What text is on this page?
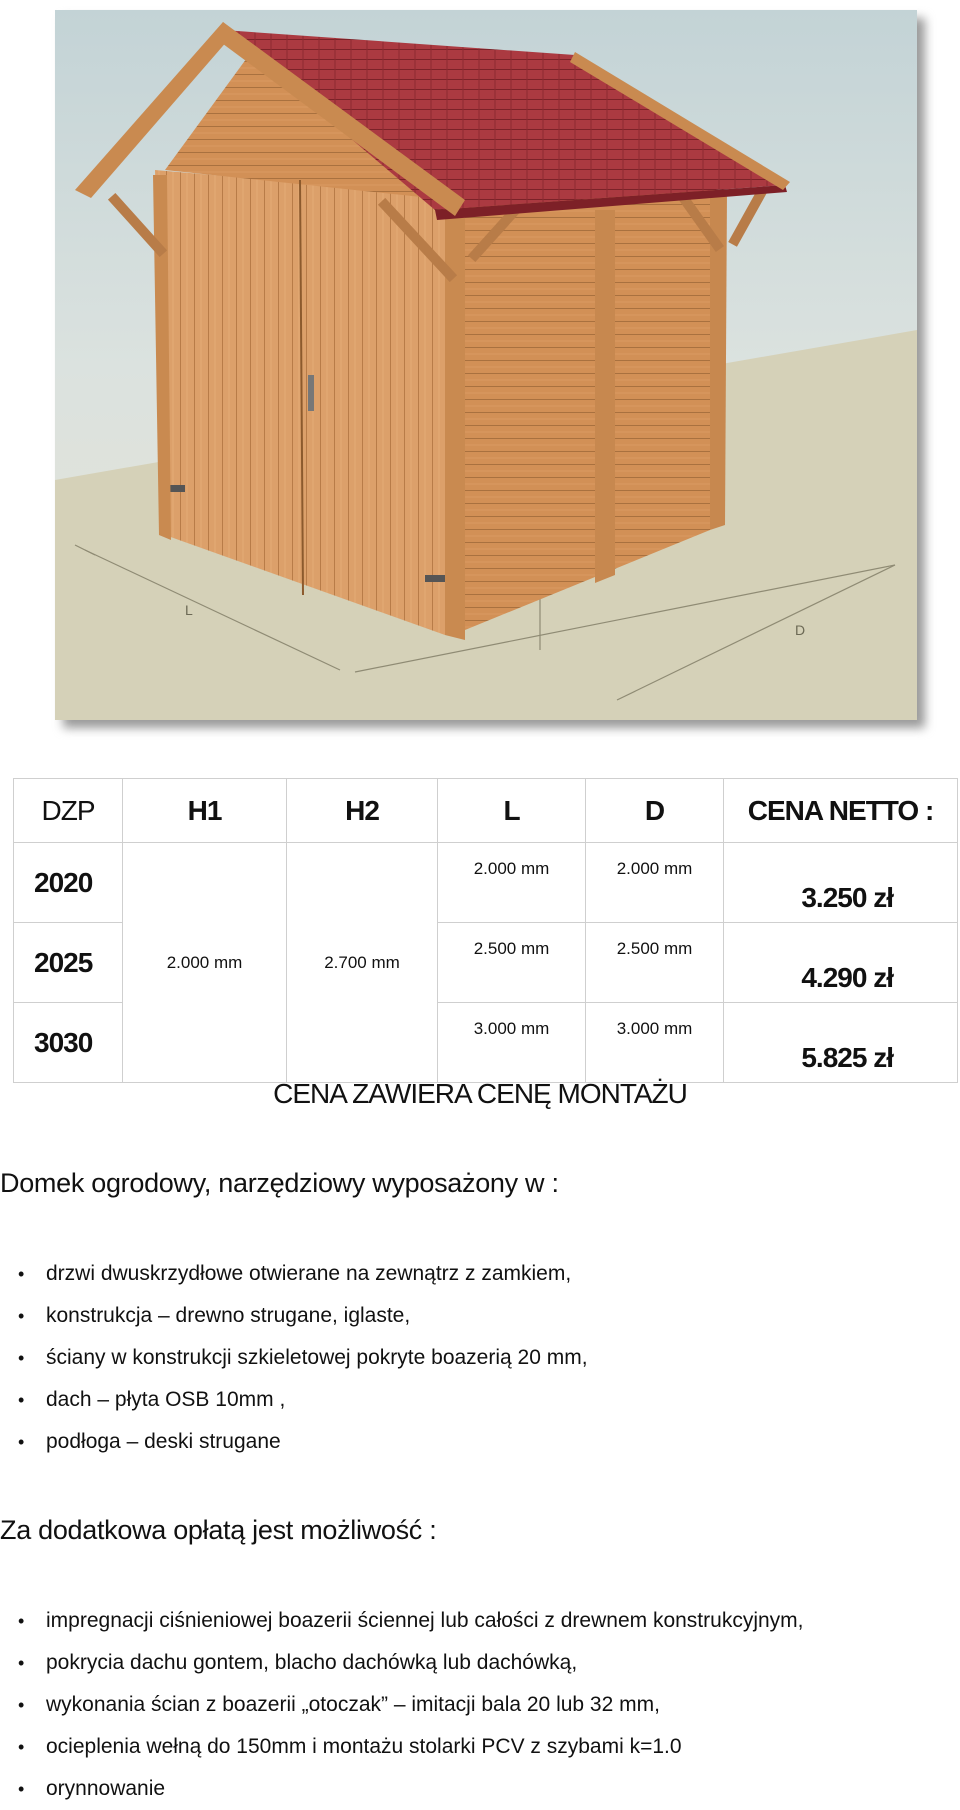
L
D
DZP	H1	H2	L	D	CENA NETTO :
2020	2.000 mm	2.700 mm	2.000 mm	2.000 mm	3.250 zł
2025			2.500 mm	2.500 mm	4.290 zł
3030			3.000 mm	3.000 mm	5.825 zł
CENA ZAWIERA CENĘ MONTAŻU
Domek ogrodowy, narzędziowy wyposażony w :
• drzwi dwuskrzydłowe otwierane na zewnątrz z zamkiem,
• konstrukcja – drewno strugane, iglaste,
• ściany w konstrukcji szkieletowej pokryte boazerią 20 mm,
• dach – płyta OSB 10mm ,
• podłoga – deski strugane
Za dodatkowa opłatą jest możliwość :
• impregnacji ciśnieniowej boazerii ściennej lub całości z drewnem konstrukcyjnym,
• pokrycia dachu gontem, blacho dachówką lub dachówką,
• wykonania ścian z boazerii „otoczak” – imitacji bala 20 lub 32 mm,
• ocieplenia wełną do 150mm i montażu stolarki PCV z szybami k=1.0
• orynnowanie
